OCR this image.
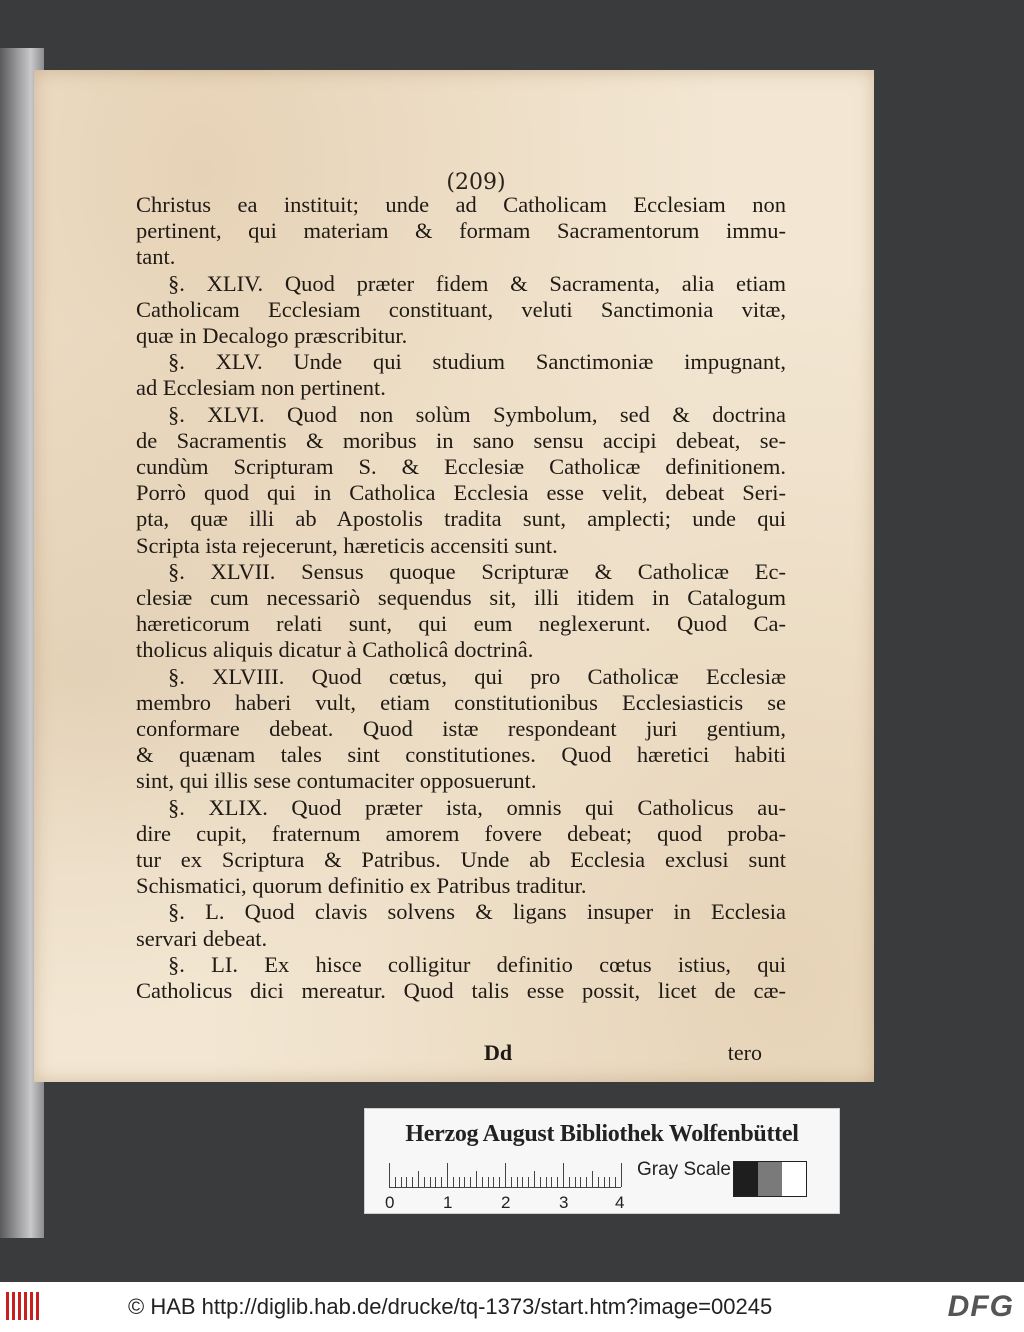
(209)
Christus ea instituit; unde ad Catholicam Ecclesiam non
pertinent, qui materiam & formam Sacramentorum immu-
tant.
§. XLIV. Quod præter fidem & Sacramenta, alia etiam
Catholicam Ecclesiam constituant, veluti Sanctimonia vitæ,
quæ in Decalogo præscribitur.
§. XLV. Unde qui studium Sanctimoniæ impugnant,
ad Ecclesiam non pertinent.
§. XLVI. Quod non solùm Symbolum, sed & doctrina
de Sacramentis & moribus in sano sensu accipi debeat, se-
cundùm Scripturam S. & Ecclesiæ Catholicæ definitionem.
Porrò quod qui in Catholica Ecclesia esse velit, debeat Seri-
pta, quæ illi ab Apostolis tradita sunt, amplecti; unde qui
Scripta ista rejecerunt, hæreticis accensiti sunt.
§. XLVII. Sensus quoque Scripturæ & Catholicæ Ec-
clesiæ cum necessariò sequendus sit, illi itidem in Catalogum
hæreticorum relati sunt, qui eum neglexerunt. Quod Ca-
tholicus aliquis dicatur à Catholicâ doctrinâ.
§. XLVIII. Quod cœtus, qui pro Catholicæ Ecclesiæ
membro haberi vult, etiam constitutionibus Ecclesiasticis se
conformare debeat. Quod istæ respondeant juri gentium,
& quænam tales sint constitutiones. Quod hæretici habiti
sint, qui illis sese contumaciter opposuerunt.
§. XLIX. Quod præter ista, omnis qui Catholicus au-
dire cupit, fraternum amorem fovere debeat; quod proba-
tur ex Scriptura & Patribus. Unde ab Ecclesia exclusi sunt
Schismatici, quorum definitio ex Patribus traditur.
§. L. Quod clavis solvens & ligans insuper in Ecclesia
servari debeat.
§. LI. Ex hisce colligitur definitio cœtus istius, qui
Catholicus dici mereatur. Quod talis esse possit, licet de cæ-
Dd	tero
Herzog August Bibliothek Wolfenbüttel
0	1	2	3	4
Gray Scale
© HAB http://diglib.hab.de/drucke/tq-1373/start.htm?image=00245	DFG
